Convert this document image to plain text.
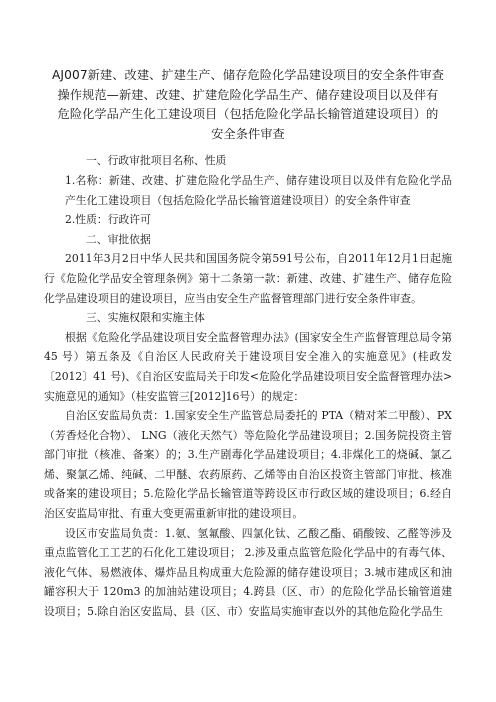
AJ007新建、改建、扩建生产、储存危险化学品建设项目的安全条件审查
操作规范—新建、改建、扩建危险化学品生产、储存建设项目以及伴有
危险化学品产生化工建设项目（包括危险化学品长输管道建设项目）的
安全条件审查

一、行政审批项目名称、性质

1.名称：新建、改建、扩建危险化学品生产、储存建设项目以及伴有危险化学品产生化工建设项目（包括危险化学品长输管道建设项目）的安全条件审查

2.性质：行政许可

二、审批依据

2011年3月2日中华人民共和国国务院令第591号公布，自2011年12月1日起施行《危险化学品安全管理条例》第十二条第一款：新建、改建、扩建生产、储存危险化学品建设项目的建设项目，应当由安全生产监督管理部门进行安全条件审查。

三、实施权限和实施主体

根据《危险化学品建设项目安全监督管理办法》(国家安全生产监督管理总局令第 45 号）第五条及《自治区人民政府关于建设项目安全准入的实施意见》(桂政发〔2012〕41 号)、《自治区安监局关于印发<危险化学品建设项目安全监督管理办法>实施意见的通知》（桂安监管三[2012]16号）的规定：

自治区安监局负责：1.国家安全生产监管总局委托的 PTA（精对苯二甲酸）、PX（芳香烃化合物）、 LNG（液化天然气）等危险化学品建设项目；2.国务院投资主管部门审批（核准、备案）的；3.生产剧毒化学品建设项目；4.非煤化工的烧碱、氯乙烯、聚氯乙烯、纯碱、二甲醚、农药原药、乙烯等由自治区投资主管部门审批、核准或备案的建设项目；5.危险化学品长输管道等跨设区市行政区域的建设项目；6.经自治区安监局审批、有重大变更需重新审批的建设项目。

设区市安监局负责：1.氨、氢氟酸、四氯化钛、乙酸乙酯、硝酸铵、乙醛等涉及重点监管化工工艺的石化化工建设项目； 2.涉及重点监管危险化学品中的有毒气体、液化气体、易燃液体、爆炸品且构成重大危险源的储存建设项目；3.城市建成区和油罐容积大于 120m3 的加油站建设项目；4.跨县（区、市）的危险化学品长输管道建设项目；5.除自治区安监局、县（区、市）安监局实施审查以外的其他危险化学品生
